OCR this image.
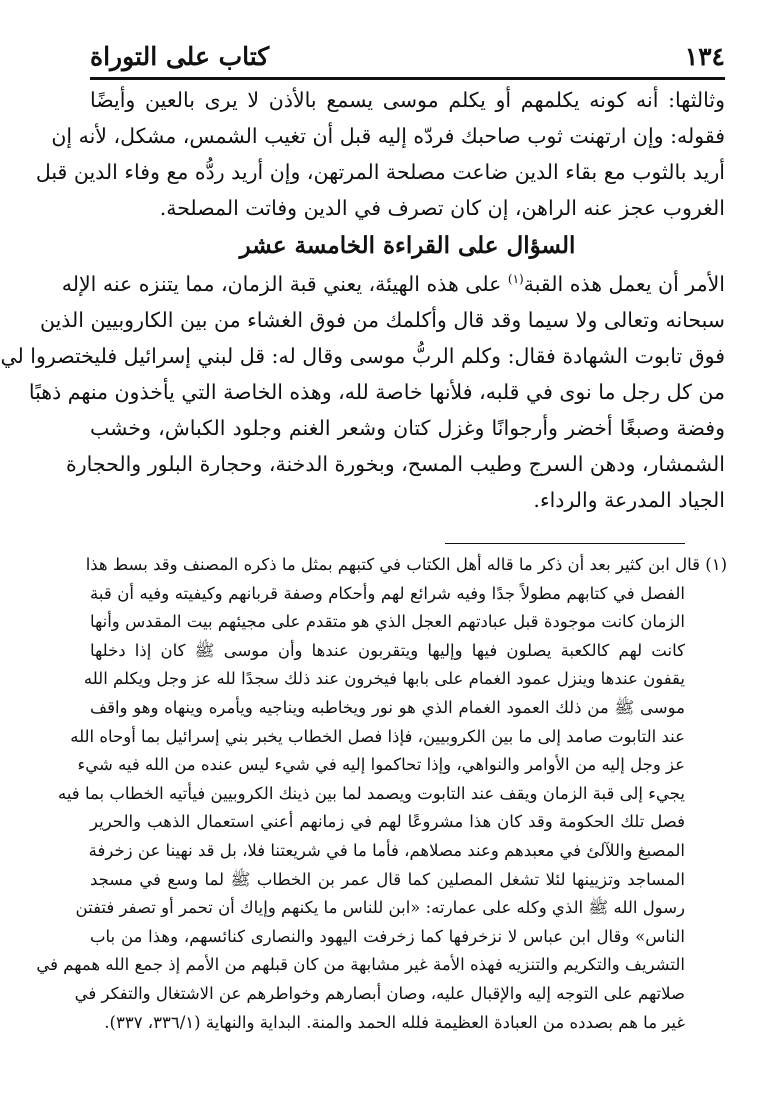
١٣٤
كتاب على التوراة
وثالثها: أنه كونه يكلمهم أو يكلم موسى يسمع بالأذن لا يرى بالعين وأيضًا
فقوله: وإن ارتهنت ثوب صاحبك فردّه إليه قبل أن تغيب الشمس، مشكل، لأنه إن
أريد بالثوب مع بقاء الدين ضاعت مصلحة المرتهن، وإن أريد ردُّه مع وفاء الدين قبل
الغروب عجز عنه الراهن، إن كان تصرف في الدين وفاتت المصلحة.
السؤال على القراءة الخامسة عشر
الأمر أن يعمل هذه القبة$^{(١)}$ على هذه الهيئة، يعني قبة الزمان، مما يتنزه عنه الإله
سبحانه وتعالى ولا سيما وقد قال وأكلمك من فوق الغشاء من بين الكاروبيين الذين
فوق تابوت الشهادة فقال: وكلم الربُّ موسى وقال له: قل لبني إسرائيل فليختصروا لي
من كل رجل ما نوى في قلبه، فلأنها خاصة لله، وهذه الخاصة التي يأخذون منهم ذهبًا
وفضة وصبغًا أخضر وأرجوانًا وغزل كتان وشعر الغنم وجلود الكباش، وخشب
الشمشار، ودهن السرج وطيب المسح، وبخورة الدخنة، وحجارة البلور والحجارة
الجياد المدرعة والرداء.
(١) قال ابن كثير بعد أن ذكر ما قاله أهل الكتاب في كتبهم بمثل ما ذكره المصنف وقد بسط هذا
الفصل في كتابهم مطولاً جدًا وفيه شرائع لهم وأحكام وصفة قربانهم وكيفيته وفيه أن قبة
الزمان كانت موجودة قبل عبادتهم العجل الذي هو متقدم على مجيئهم بيت المقدس وأنها
كانت لهم كالكعبة يصلون فيها وإليها ويتقربون عندها وأن موسى ﷺ كان إذا دخلها
يقفون عندها وينزل عمود الغمام على بابها فيخرون عند ذلك سجدًا لله عز وجل ويكلم الله
موسى ﷺ من ذلك العمود الغمام الذي هو نور ويخاطبه ويناجيه ويأمره وينهاه وهو واقف
عند التابوت صامد إلى ما بين الكروبيين، فإذا فصل الخطاب يخبر بني إسرائيل بما أوحاه الله
عز وجل إليه من الأوامر والنواهي، وإذا تحاكموا إليه في شيء ليس عنده من الله فيه شيء
يجيء إلى قبة الزمان ويقف عند التابوت ويصمد لما بين ذينك الكروبيين فيأتيه الخطاب بما فيه
فصل تلك الحكومة وقد كان هذا مشروعًا لهم في زمانهم أعني استعمال الذهب والحرير
المصبغ واللآلئ في معبدهم وعند مصلاهم، فأما ما في شريعتنا فلا، بل قد نهينا عن زخرفة
المساجد وتزيينها لئلا تشغل المصلين كما قال عمر بن الخطاب ﷺ لما وسع في مسجد
رسول الله ﷺ الذي وكله على عمارته: «ابن للناس ما يكنهم وإياك أن تحمر أو تصفر فتفتن
الناس» وقال ابن عباس لا نزخرفها كما زخرفت اليهود والنصارى كنائسهم، وهذا من باب
التشريف والتكريم والتنزيه فهذه الأمة غير مشابهة من كان قبلهم من الأمم إذ جمع الله همهم في
صلاتهم على التوجه إليه والإقبال عليه، وصان أبصارهم وخواطرهم عن الاشتغال والتفكر في
غير ما هم بصدده من العبادة العظيمة فلله الحمد والمنة. البداية والنهاية (٣٣٦/١، ٣٣٧).
